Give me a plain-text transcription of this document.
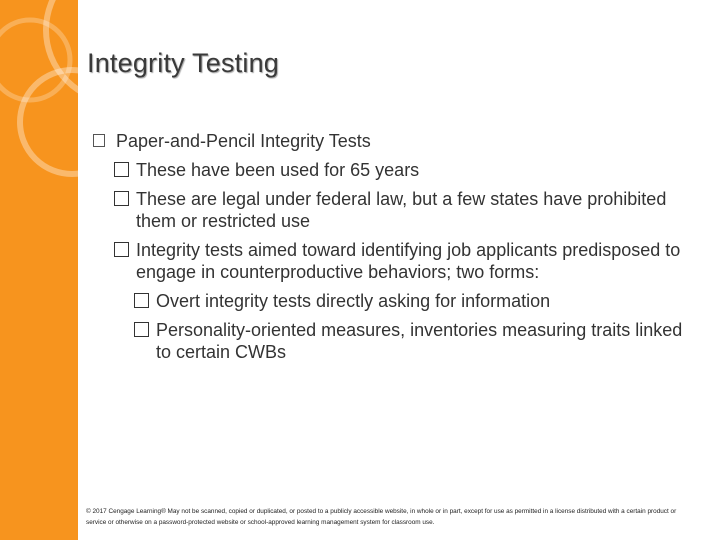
Integrity Testing
Paper-and-Pencil Integrity Tests
These have been used for 65 years
These are legal under federal law, but a few states have prohibited them or restricted use
Integrity tests aimed toward identifying job applicants predisposed to engage in counterproductive behaviors; two forms:
Overt integrity tests directly asking for information
Personality-oriented measures, inventories measuring traits linked to certain CWBs
© 2017 Cengage Learning® May not be scanned, copied or duplicated, or posted to a publicly accessible website, in whole or in part, except for use as permitted in a license distributed with a certain product or service or otherwise on a password-protected website or school-approved learning management system for classroom use.
